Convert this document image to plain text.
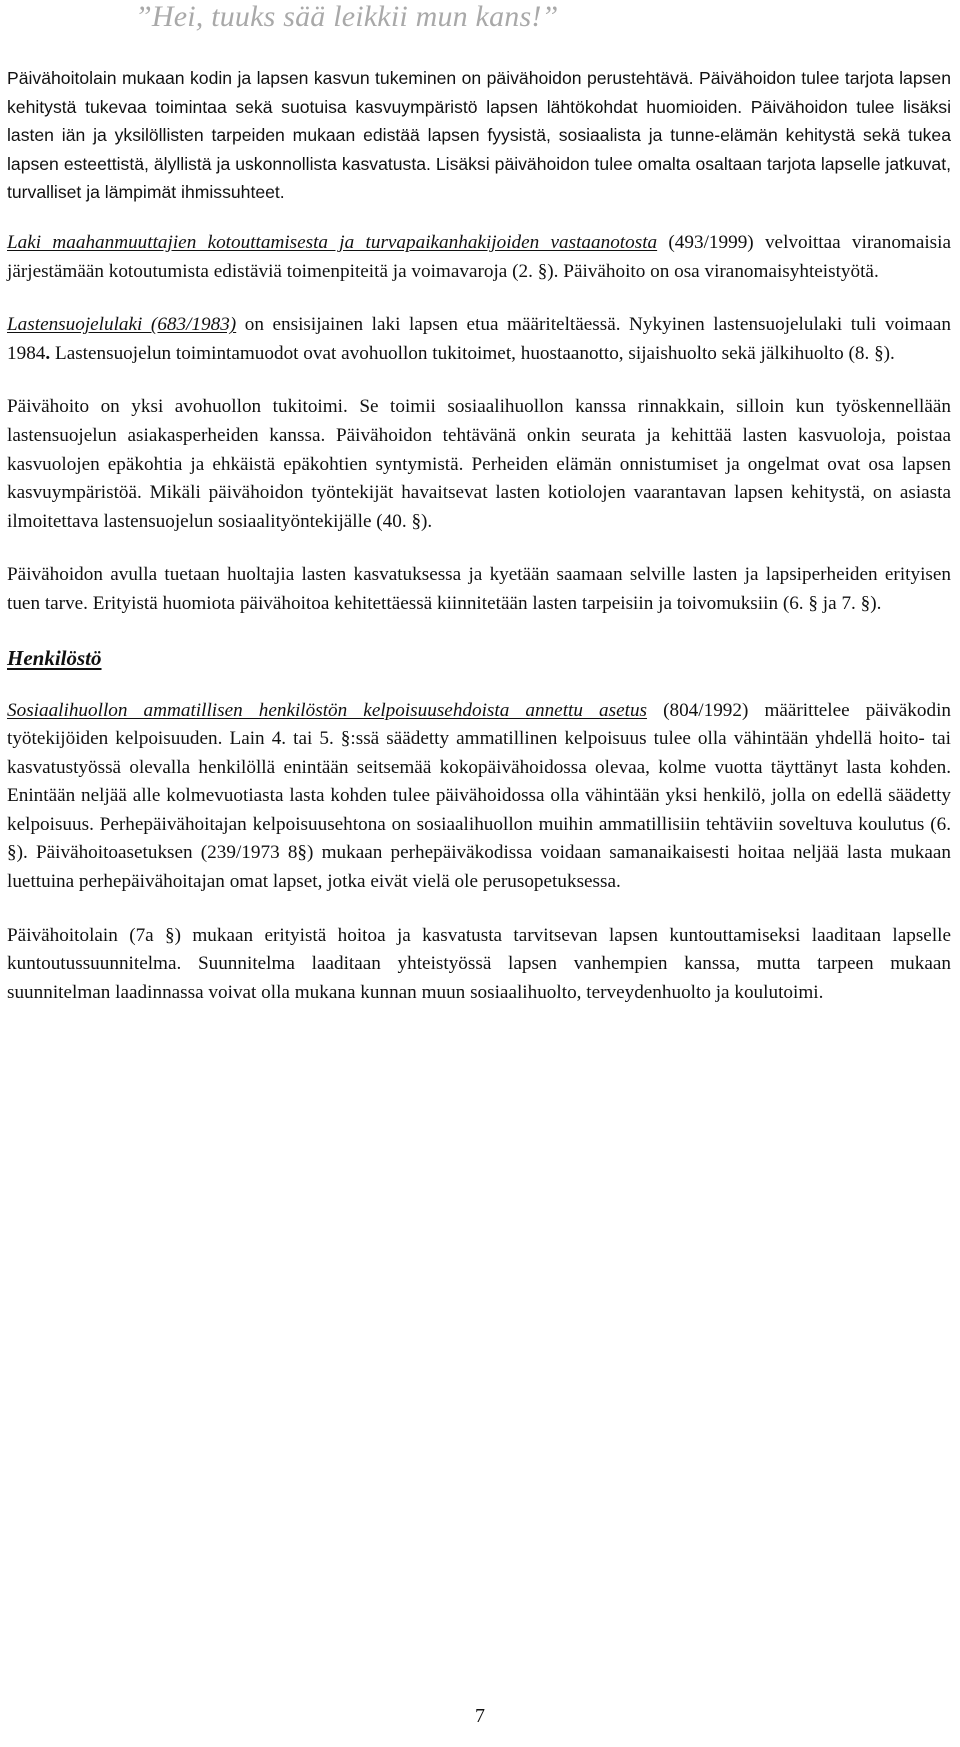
”Hei, tuuks sää leikkii mun kans!”

Päivähoitolain mukaan kodin ja lapsen kasvun tukeminen on päivähoidon perustehtävä. Päivähoidon tulee tarjota lapsen kehitystä tukevaa toimintaa sekä suotuisa kasvuympäristö lapsen lähtökohdat huomioiden. Päivähoidon tulee lisäksi lasten iän ja yksilöllisten tarpeiden mukaan edistää lapsen fyysistä, sosiaalista ja tunne-elämän kehitystä sekä tukea lapsen esteettistä, älyllistä ja uskonnollista kasvatusta. Lisäksi päivähoidon tulee omalta osaltaan tarjota lapselle jatkuvat, turvalliset ja lämpimät ihmissuhteet.

Laki maahanmuuttajien kotouttamisesta ja turvapaikanhakijoiden vastaanotosta (493/1999) velvoittaa viranomaisia järjestämään kotoutumista edistäviä toimenpiteitä ja voimavaroja (2. §). Päivähoito on osa viranomaisyhteistyötä.

Lastensuojelulaki (683/1983) on ensisijainen laki lapsen etua määriteltäessä. Nykyinen lastensuojelulaki tuli voimaan 1984. Lastensuojelun toimintamuodot ovat avohuollon tukitoimet, huostaanotto, sijaishuolto sekä jälkihuolto (8. §).

Päivähoito on yksi avohuollon tukitoimi. Se toimii sosiaalihuollon kanssa rinnakkain, silloin kun työskennellään lastensuojelun asiakasperheiden kanssa. Päivähoidon tehtävänä onkin seurata ja kehittää lasten kasvuoloja, poistaa kasvuolojen epäkohtia ja ehkäistä epäkohtien syntymistä. Perheiden elämän onnistumiset ja ongelmat ovat osa lapsen kasvuympäristöä. Mikäli päivähoidon työntekijät havaitsevat lasten kotiolojen vaarantavan lapsen kehitystä, on asiasta ilmoitettava lastensuojelun sosiaalityöntekijälle (40. §).

Päivähoidon avulla tuetaan huoltajia lasten kasvatuksessa ja kyetään saamaan selville lasten ja lapsiperheiden erityisen tuen tarve. Erityistä huomiota päivähoitoa kehitettäessä kiinnitetään lasten tarpeisiin ja toivomuksiin (6. § ja 7. §).

Henkilöstö

Sosiaalihuollon ammatillisen henkilöstön kelpoisuusehdoista annettu asetus (804/1992) määrittelee päiväkodin työtekijöiden kelpoisuuden. Lain 4. tai 5. §:ssä säädetty ammatillinen kelpoisuus tulee olla vähintään yhdellä hoito- tai kasvatustyössä olevalla henkilöllä enintään seitsemää kokopäivähoidossa olevaa, kolme vuotta täyttänyt lasta kohden. Enintään neljää alle kolmevuotiasta lasta kohden tulee päivähoidossa olla vähintään yksi henkilö, jolla on edellä säädetty kelpoisuus. Perhepäivähoitajan kelpoisuusehtona on sosiaalihuollon muihin ammatillisiin tehtäviin soveltuva koulutus (6. §). Päivähoitoasetuksen (239/1973 8§) mukaan perhepäiväkodissa voidaan samanaikaisesti hoitaa neljää lasta mukaan luettuina perhepäivähoitajan omat lapset, jotka eivät vielä ole perusopetuksessa.

Päivähoitolain (7a §) mukaan erityistä hoitoa ja kasvatusta tarvitsevan lapsen kuntouttamiseksi laaditaan lapselle kuntoutussuunnitelma. Suunnitelma laaditaan yhteistyössä lapsen vanhempien kanssa, mutta tarpeen mukaan suunnitelman laadinnassa voivat olla mukana kunnan muun sosiaalihuolto, terveydenhuolto ja koulutoimi.

7
